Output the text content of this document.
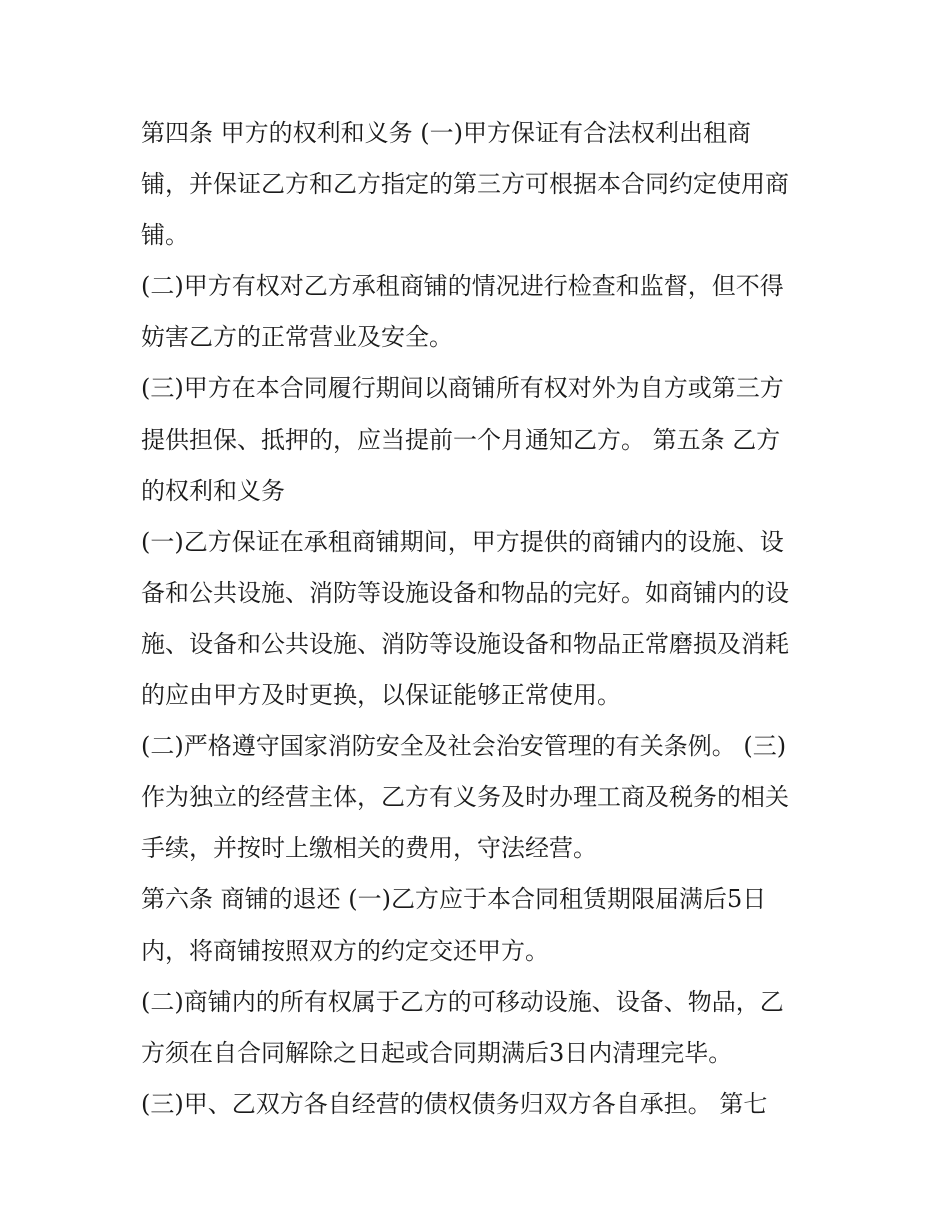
第四条 甲方的权利和义务 (一)甲方保证有合法权利出租商
铺，并保证乙方和乙方指定的第三方可根据本合同约定使用商
铺。
(二)甲方有权对乙方承租商铺的情况进行检查和监督，但不得
妨害乙方的正常营业及安全。
(三)甲方在本合同履行期间以商铺所有权对外为自方或第三方
提供担保、抵押的，应当提前一个月通知乙方。 第五条 乙方
的权利和义务
(一)乙方保证在承租商铺期间，甲方提供的商铺内的设施、设
备和公共设施、消防等设施设备和物品的完好。如商铺内的设
施、设备和公共设施、消防等设施设备和物品正常磨损及消耗
的应由甲方及时更换，以保证能够正常使用。
(二)严格遵守国家消防安全及社会治安管理的有关条例。 (三)
作为独立的经营主体，乙方有义务及时办理工商及税务的相关
手续，并按时上缴相关的费用，守法经营。
第六条 商铺的退还 (一)乙方应于本合同租赁期限届满后5日
内，将商铺按照双方的约定交还甲方。
(二)商铺内的所有权属于乙方的可移动设施、设备、物品，乙
方须在自合同解除之日起或合同期满后3日内清理完毕。
(三)甲、乙双方各自经营的债权债务归双方各自承担。 第七
